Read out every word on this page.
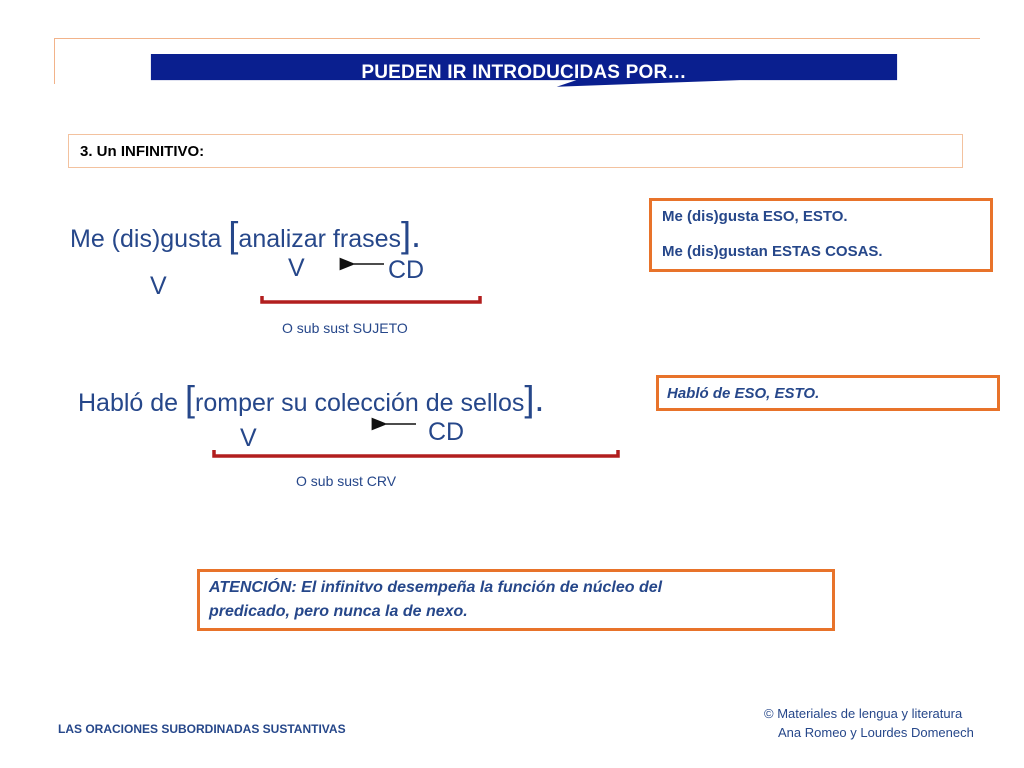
PUEDEN IR INTRODUCIDAS POR…
3. Un INFINITIVO:
Me (dis)gusta [analizar frases].
V	CD
V
O sub sust SUJETO
Habló de [romper su colección de sellos].
CD
V
O sub sust CRV
Me (dis)gusta ESO, ESTO.
Me (dis)gustan ESTAS COSAS.
Habló de ESO, ESTO.
ATENCIÓN: El infinitvo desempeña la función de núcleo del
predicado, pero nunca la de nexo.
LAS ORACIONES SUBORDINADAS SUSTANTIVAS
© Materiales de lengua y literatura
Ana Romeo y Lourdes Domenech
